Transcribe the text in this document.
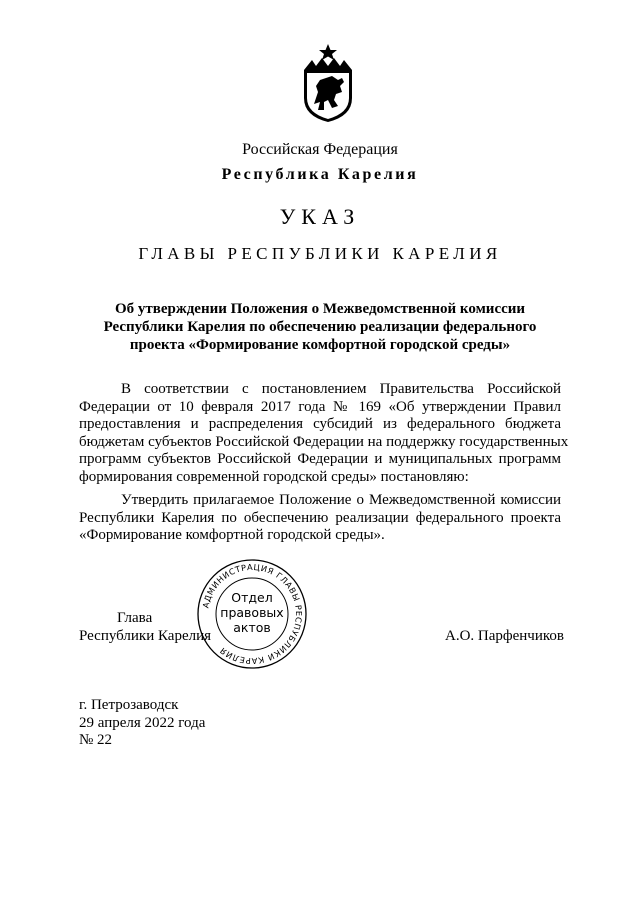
Российская Федерация
Республика Карелия
УКАЗ
ГЛАВЫ РЕСПУБЛИКИ КАРЕЛИЯ
Об утверждении Положения о Межведомственной комиссии
Республики Карелия по обеспечению реализации федерального
проекта «Формирование комфортной городской среды»
В соответствии с постановлением Правительства Российской
Федерации от 10 февраля 2017 года № 169 «Об утверждении Правил
предоставления и распределения субсидий из федерального бюджета
бюджетам субъектов Российской Федерации на поддержку государственных
программ субъектов Российской Федерации и муниципальных программ
формирования современной городской среды» постановляю:
Утвердить прилагаемое Положение о Межведомственной комиссии
Республики Карелия по обеспечению реализации федерального проекта
«Формирование комфортной городской среды».
Глава
Республики Карелия	А.О. Парфенчиков
АДМИНИСТРАЦИЯ ГЛАВЫ РЕСПУБЛИКИ КАРЕЛИЯ
Отдел
правовых
актов
г. Петрозаводск
29 апреля 2022 года
№ 22
